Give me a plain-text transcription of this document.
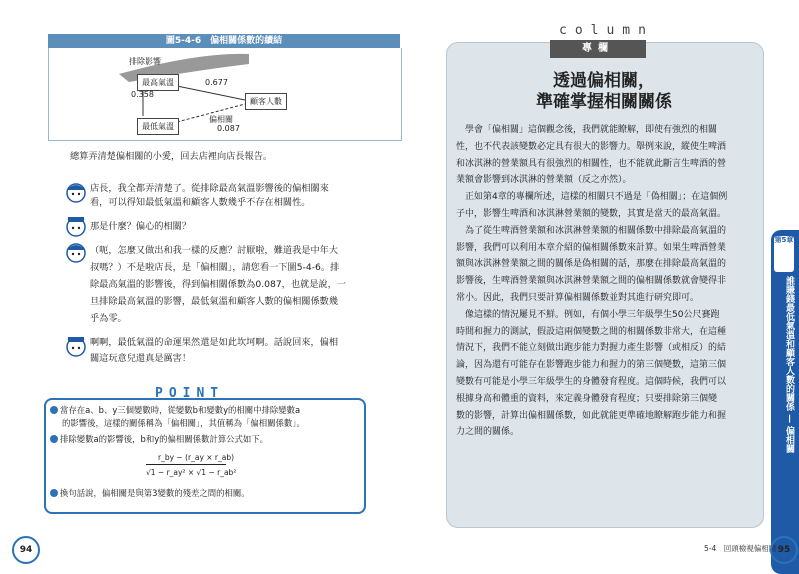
圖5-4-6　偏相關係數的續結
排除影響
最高氣溫
顧客人數
最低氣溫
0.677
0.358
偏相關
0.087
總算弄清楚偏相關的小愛，回去店裡向店長報告。
店長，我全都弄清楚了。從排除最高氣溫影響後的偏相關來
看，可以得知最低氣溫和顧客人數幾乎不存在相關性。
那是什麼？偏心的相關？
（呃，怎麼又做出和我一樣的反應？討厭啦，難道我是中年大
叔嗎？）不是啦店長，是「偏相關」，請您看一下圖5-4-6。排
除最高氣溫的影響後，得到偏相關係數為0.087，也就是說，一
旦排除最高氣溫的影響，最低氣溫和顧客人數的偏相關係數幾
乎為零。
啊啊，最低氣溫的命運果然還是如此坎坷啊。話說回來，偏相
關這玩意兒還真是厲害！
POINT
當存在a、b、y三個變數時，從變數b和變數y的相關中排除變數a
的影響後，這樣的關係稱為「偏相關」，其值稱為「偏相關係數」。
排除變數a的影響後，b和y的偏相關係數計算公式如下。
r_by − (r_ay × r_ab)
√1 − r_ay² × √1 − r_ab²
換句話說，偏相關是與第3變數的殘差之間的相關。
94
column
專欄
透過偏相關，
準確掌握相關關係
　學會「偏相關」這個觀念後，我們就能瞭解，即使有強烈的相關
性，也不代表該變數必定具有很大的影響力。舉例來說，縱使生啤酒
和冰淇淋的營業額具有很強烈的相關性，也不能就此斷言生啤酒的營
業額會影響到冰淇淋的營業額（反之亦然）。
　正如第4章的專欄所述，這樣的相關只不過是「偽相關」；在這個例
子中，影響生啤酒和冰淇淋營業額的變數，其實是當天的最高氣溫。
　為了從生啤酒營業額和冰淇淋營業額的相關係數中排除最高氣溫的
影響，我們可以利用本章介紹的偏相關係數來計算。如果生啤酒營業
額與冰淇淋營業額之間的關係是偽相關的話，那麼在排除最高氣溫的
影響後，生啤酒營業額與冰淇淋營業額之間的偏相關係數就會變得非
常小。因此，我們只要計算偏相關係數並對其進行研究即可。
　像這樣的情況屢見不鮮。例如，有個小學三年級學生50公尺賽跑
時間和握力的測試，假設這兩個變數之間的相關係數非常大，在這種
情況下，我們不能立刻做出跑步能力對握力產生影響（或相反）的結
論，因為還有可能存在影響跑步能力和握力的第三個變數，這第三個
變數有可能是小學三年級學生的身體發育程度。這個時候，我們可以
根據身高和體重的資料，來定義身體發育程度；只要排除第三個變
數的影響，計算出偏相關係數，如此就能更準確地瞭解跑步能力和握
力之間的關係。
第5章
誰賺錢最低氣溫和顧客人數的關係 — 偏相關
5-4　回頭檢視偏相關 95
